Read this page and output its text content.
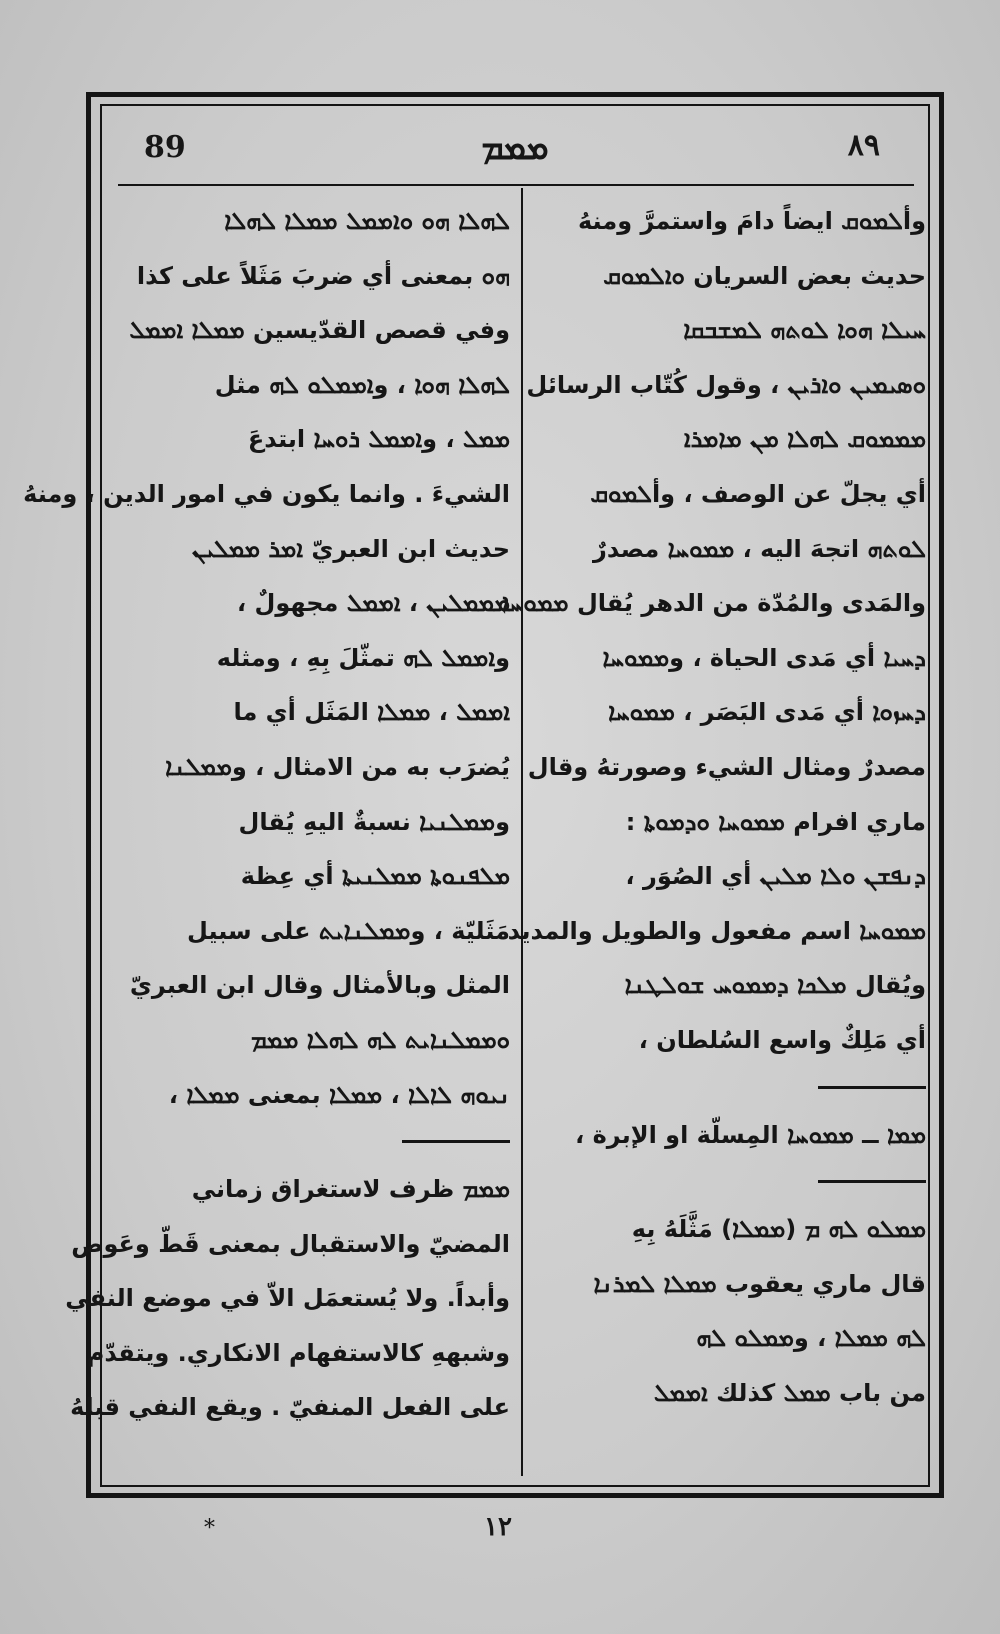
89	ܡܡܡ	٨٩
وأܠܡܘܩ ايضاً دامَ واستمرَّ ومنهُ
حديث بعض السريان ܘܐܠܡܘܩ
ܚܝܠܐ ܗܘܐ ܠܘܬܗ ܠܡܫܒܩܐ
ܘܣܝܡܝܢ ܘܐܪܝܢ ، وقول كُتّاب الرسائل
ܡܡܡܘܩ ܠܗܠܐ ܡܢ ܡܐܡܪܐ
أي يجلّ عن الوصف ، وأܠܡܘܩ
ܠܘܬܗ اتجهَ اليه ، ܡܡܘܚܐ مصدرٌ
والمَدى والمُدّة من الدهر يُقال ܡܡܘܚܐ
ܕܚܝܐ أي مَدى الحياة ، وܡܡܘܚܐ
ܕܚܙܘܐ أي مَدى البَصَر ، ܡܡܘܚܐ
مصدرٌ ومثال الشيء وصورتهُ وقال
ماري افرام ܡܡܘܚܐ ܘܕܡܘܬܐ :
ܕܢܦܫܢ ܘܠܐ ܡܠܝܢ أي الصُوَر ،
ܡܡܘܚܐ اسم مفعول والطويل والمديد
ويُقال ܡܠܟܐ ܕܡܡܘܚ ܫܘܠܛܢܐ
أي مَلِكٌ واسع السُلطان ،
ܡܡܐ ــ ܡܡܘܚܐ المِسلّة او الإبرة ،
ܡܡܠܘ ܠܗ ܡ (ܡܡܠܐ) مَثَّلَهُ بِهِ
قال ماري يعقوب ܡܡܠܐ ܠܡܪܢܐ
ܠܗ ܡܡܠܐ ، وܡܡܠܘ ܠܗ
من باب ܡܡܠ كذلك ܐܡܡܠ
ܠܗܠܐ ܗܘ ܘܐܡܡܠ ܡܡܠܐ ܠܗܠܐ
ܗܘ بمعنى أي ضربَ مَثَلاً على كذا
وفي قصص القدّيسين ܡܡܠܐ ܐܡܡܠ
ܠܗܠܐ ܗܘܐ ، وܐܡܡܠܘ ܠܗ مثل
ܡܡܠ ، وܐܡܡܠ ܪܘܚܐ ابتدعَ
الشيءَ . وانما يكون في امور الدين ، ومنهُ
حديث ابن العبريّ ܐܡܪ ܡܡܠܝܢ
ܡܡܡܠܝܢ ، ܐܡܡܠ مجهولٌ ،
وܐܡܡܠ ܠܗ تمثّلَ بِهِ ، ومثله
ܐܡܡܠ ، ܡܡܠܐ المَثَل أي ما
يُضرَب به من الامثال ، وܡܡܠܢܐ
وܡܡܠܢܝܐ نسبةٌ اليهِ يُقال
ܡܠܦܢܘܬܐ ܡܡܠܢܝܬܐ أي عِظة
مَثَليّة ، وܡܡܠܢܐܝܬ على سبيل
المثل وبالأمثال وقال ابن العبريّ
ܘܡܡܠܢܐܝܬ ܠܗ ܠܗܠܐ ܡܡܡ
ܢܝܘܗ ܠܐܠܐ ، ܡܡܠܐ بمعنى ܡܡܠܐ ،
ܡܡܡ ظرف لاستغراق زماني
المضيّ والاستقبال بمعنى قَطّ وعَوض
وأبداً. ولا يُستعمَل الاّ في موضع النفي
وشبههِ كالاستفهام الانكاري. ويتقدّم
على الفعل المنفيّ . ويقع النفي قبلهُ
*	١٢
